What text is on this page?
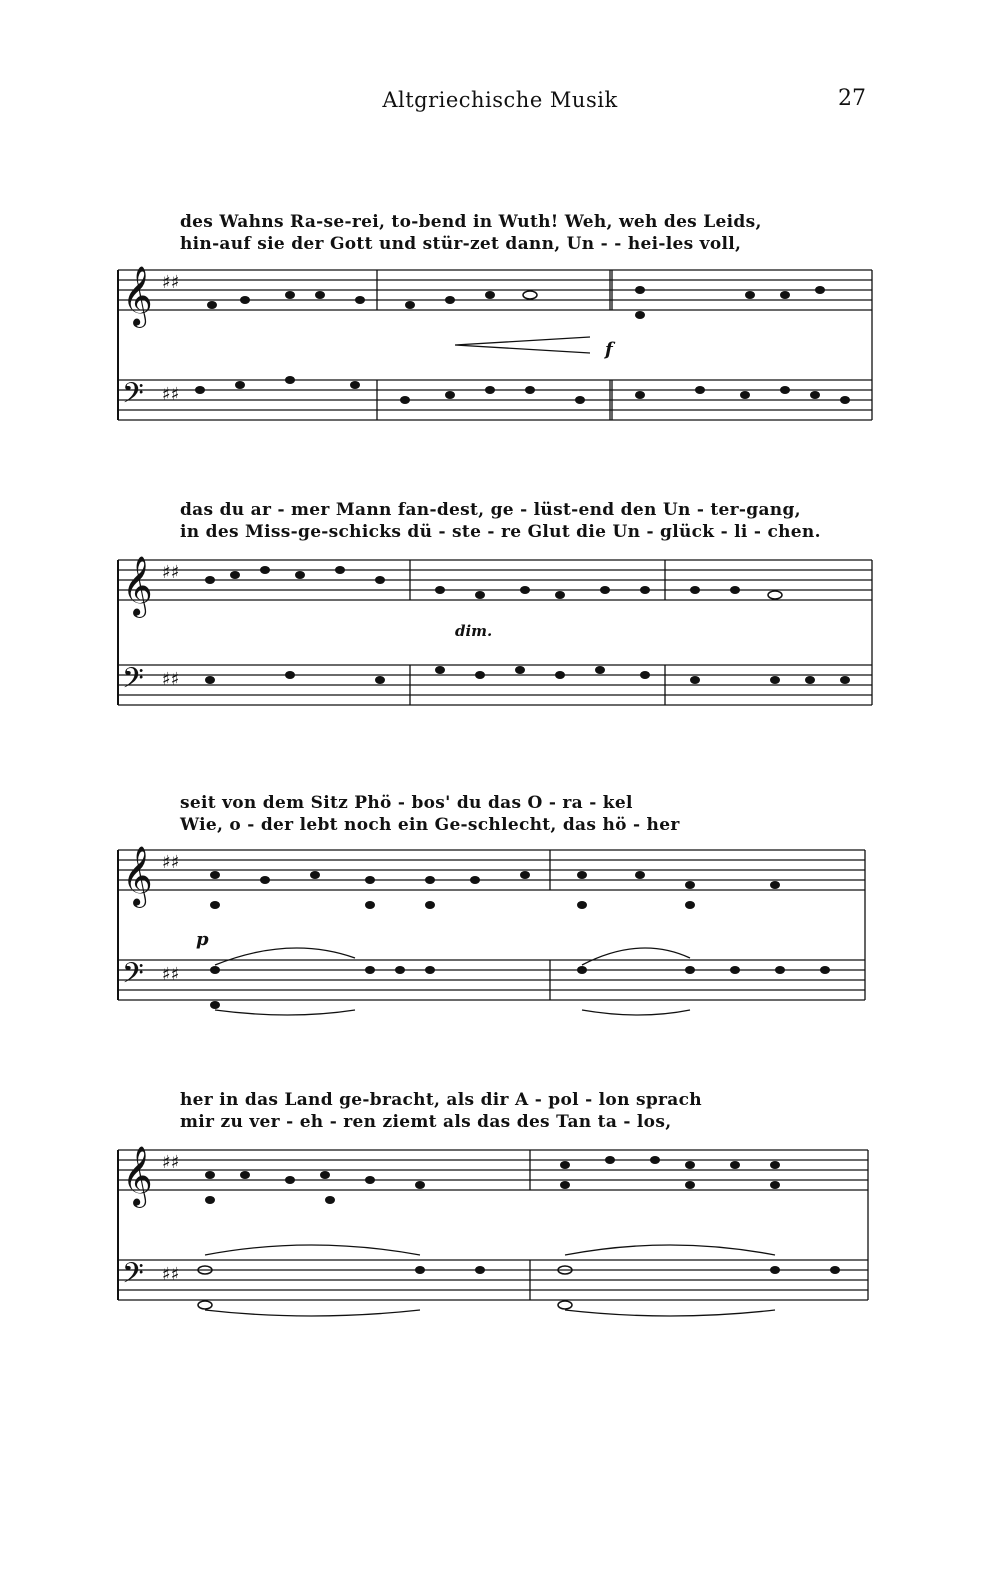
Altgriechische Musik	27
des Wahns Ra-se-rei, to-bend in Wuth! Weh, weh des Leids,
hin-auf sie der Gott und stür-zet dann, Un - - hei-les voll,
𝄞
𝄢
♯♯
♯♯
f
das du ar - mer Mann fan-dest, ge - lüst-end den Un - ter-gang,
in des Miss-ge-schicks dü - ste - re Glut die Un - glück - li - chen.
𝄞
𝄢
♯♯
♯♯
dim.
seit von dem Sitz Phö - bos' du das O - ra - kel
Wie, o - der lebt noch ein Ge-schlecht, das hö - her
𝄞
𝄢
♯♯
♯♯
p
her in das Land ge-bracht, als dir A - pol - lon sprach
mir zu ver - eh - ren ziemt als das des Tan ta - los,
𝄞
𝄢
♯♯
♯♯
